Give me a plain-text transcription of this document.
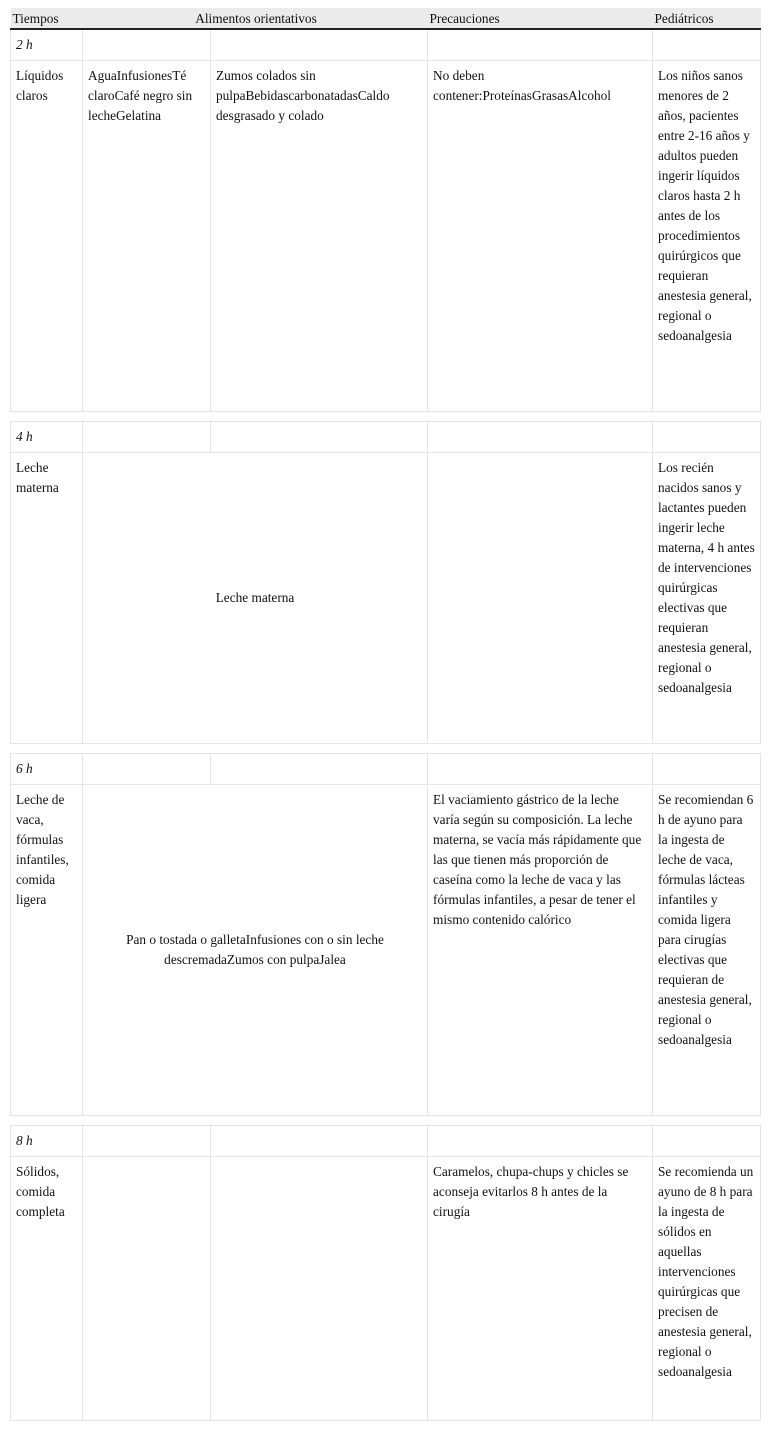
Tiempos	Alimentos orientativos		Precauciones	Pediátricos
2 h				
Líquidos claros	AguaInfusionesTé claroCafé negro sin lecheGelatina	Zumos colados sin pulpaBebidascarbonatadasCaldo desgrasado y colado	No deben contener:ProteínasGrasasAlcohol	Los niños sanos menores de 2 años, pacientes entre 2-16 años y adultos pueden ingerir líquidos claros hasta 2 h antes de los procedimientos quirúrgicos que requieran anestesia general, regional o sedoanalgesia

4 h				
Leche materna	Leche materna			Los recién nacidos sanos y lactantes pueden ingerir leche materna, 4 h antes de intervenciones quirúrgicas electivas que requieran anestesia general, regional o sedoanalgesia

6 h				
Leche de vaca, fórmulas infantiles, comida ligera	Pan o tostada o galletaInfusiones con o sin leche descremadaZumos con pulpaJalea		El vaciamiento gástrico de la leche varía según su composición. La leche materna, se vacía más rápidamente que las que tienen más proporción de caseína como la leche de vaca y las fórmulas infantiles, a pesar de tener el mismo contenido calórico	Se recomiendan 6 h de ayuno para la ingesta de leche de vaca, fórmulas lácteas infantiles y comida ligera para cirugías electivas que requieran de anestesia general, regional o sedoanalgesia

8 h				
Sólidos, comida completa			Caramelos, chupa-chups y chicles se aconseja evitarlos 8 h antes de la cirugía	Se recomienda un ayuno de 8 h para la ingesta de sólidos en aquellas intervenciones quirúrgicas que precisen de anestesia general, regional o sedoanalgesia
